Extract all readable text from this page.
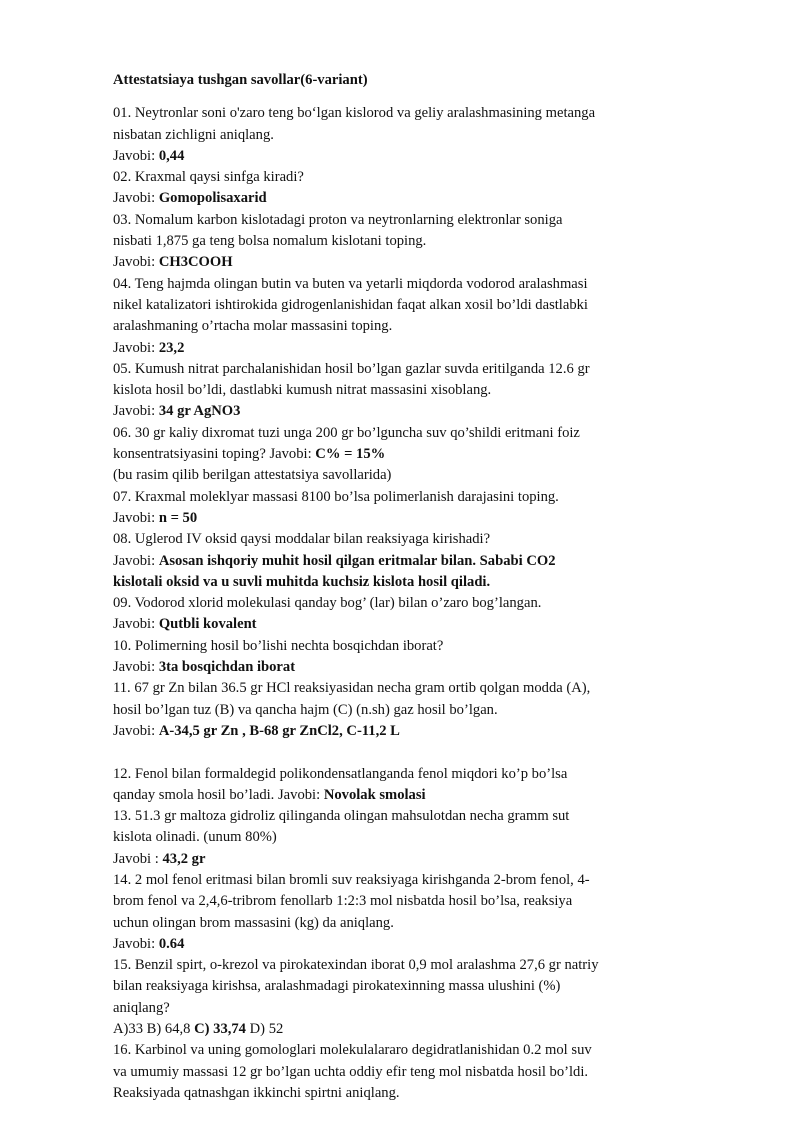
Attestatsiaya tushgan savollar(6-variant)

01. Neytronlar soni o'zaro teng bo‘lgan kislorod va geliy aralashmasining metanga

nisbatan zichligni aniqlang.

Javobi: 0,44

02. Kraxmal qaysi sinfga kiradi?

Javobi: Gomopolisaxarid

03. Nomalum karbon kislotadagi proton va neytronlarning elektronlar soniga

nisbati 1,875 ga teng bolsa nomalum kislotani toping.

Javobi: CH3COOH

04. Teng hajmda olingan butin va buten va yetarli miqdorda vodorod aralashmasi

nikel katalizatori ishtirokida gidrogenlanishidan faqat alkan xosil bo’ldi dastlabki

aralashmaning o’rtacha molar massasini toping.

Javobi: 23,2

05. Kumush nitrat parchalanishidan hosil bo’lgan gazlar suvda eritilganda 12.6 gr

kislota hosil bo’ldi, dastlabki kumush nitrat massasini xisoblang.

Javobi: 34 gr AgNO3

06. 30 gr kaliy dixromat tuzi unga 200 gr bo’lguncha suv qo’shildi eritmani foiz

konsentratsiyasini toping? Javobi: C% = 15%

(bu rasim qilib berilgan attestatsiya savollarida)

07. Kraxmal moleklyar massasi 8100 bo’lsa polimerlanish darajasini toping.

Javobi: n = 50

08. Uglerod IV oksid qaysi moddalar bilan reaksiyaga kirishadi?

Javobi: Asosan ishqoriy muhit hosil qilgan eritmalar bilan. Sababi CO2

kislotali oksid va u suvli muhitda kuchsiz kislota hosil qiladi.

09. Vodorod xlorid molekulasi qanday bog’ (lar) bilan o’zaro bog’langan.

Javobi: Qutbli kovalent

10. Polimerning hosil bo’lishi nechta bosqichdan iborat?

Javobi: 3ta bosqichdan iborat

11. 67 gr Zn bilan 36.5 gr HCl reaksiyasidan necha gram ortib qolgan modda (A),

hosil bo’lgan tuz (B) va qancha hajm (C) (n.sh) gaz hosil bo’lgan.

Javobi: A-34,5 gr Zn , B-68 gr ZnCl2, C-11,2 L

12. Fenol bilan formaldegid polikondensatlanganda fenol miqdori ko’p bo’lsa

qanday smola hosil bo’ladi. Javobi: Novolak smolasi

13. 51.3 gr maltoza gidroliz qilinganda olingan mahsulotdan necha gramm sut

kislota olinadi. (unum 80%)

Javobi : 43,2 gr

14. 2 mol fenol eritmasi bilan bromli suv reaksiyaga kirishganda 2-brom fenol, 4-

brom fenol va 2,4,6-tribrom fenollarb 1:2:3 mol nisbatda hosil bo’lsa, reaksiya

uchun olingan brom massasini (kg) da aniqlang.

Javobi: 0.64

15. Benzil spirt, o-krezol va pirokatexindan iborat 0,9 mol aralashma 27,6 gr natriy

bilan reaksiyaga kirishsa, aralashmadagi pirokatexinning massa ulushini (%)

aniqlang?

A)33 B) 64,8 C) 33,74 D) 52

16. Karbinol va uning gomologlari molekulalararo degidratlanishidan 0.2 mol suv

va umumiy massasi 12 gr bo’lgan uchta oddiy efir teng mol nisbatda hosil bo’ldi.

Reaksiyada qatnashgan ikkinchi spirtni aniqlang.
